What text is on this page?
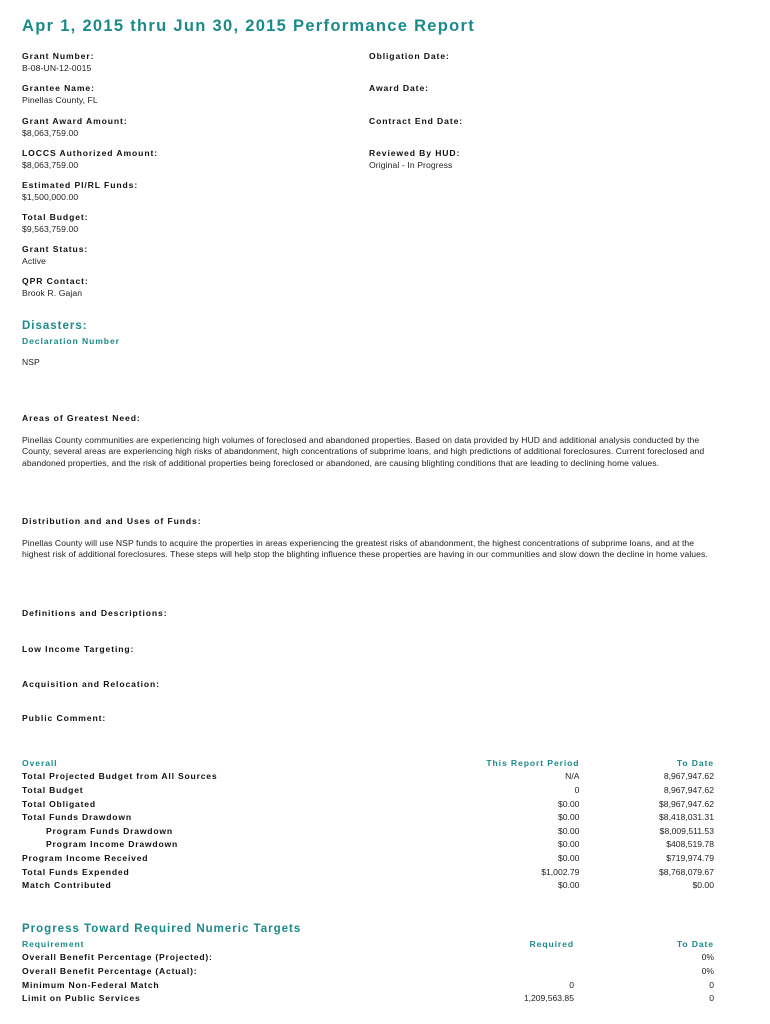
Apr 1, 2015 thru Jun 30, 2015 Performance Report
Grant Number:
B-08-UN-12-0015
Grantee Name:
Pinellas County, FL
Grant Award Amount:
$8,063,759.00
LOCCS Authorized Amount:
$8,063,759.00
Estimated PI/RL Funds:
$1,500,000.00
Total Budget:
$9,563,759.00
Grant Status:
Active
QPR Contact:
Brook R. Gajan
Obligation Date:
Award Date:
Contract End Date:
Reviewed By HUD:
Original - In Progress
Disasters:
Declaration Number
NSP
Areas of Greatest Need:
Pinellas County communities are experiencing high volumes of foreclosed and abandoned properties. Based on data provided by HUD and additional analysis conducted by the County, several areas are experiencing high risks of abandonment, high concentrations of subprime loans, and high predictions of additional foreclosures. Current foreclosed and abandoned properties, and the risk of additional properties being foreclosed or abandoned, are causing blighting conditions that are leading to declining home values.
Distribution and and Uses of Funds:
Pinellas County will use NSP funds to acquire the properties in areas experiencing the greatest risks of abandonment, the highest concentrations of subprime loans, and at the highest risk of additional foreclosures. These steps will help stop the blighting influence these properties are having in our communities and slow down the decline in home values.
Definitions and Descriptions:
Low Income Targeting:
Acquisition and Relocation:
Public Comment:
Overall	This Report Period	To Date
Total Projected Budget from All Sources	N/A	8,967,947.62
Total Budget	0	8,967,947.62
Total Obligated	$0.00	$8,967,947.62
Total Funds Drawdown	$0.00	$8,418,031.31
Program Funds Drawdown	$0.00	$8,009,511.53
Program Income Drawdown	$0.00	$408,519.78
Program Income Received	$0.00	$719,974.79
Total Funds Expended	$1,002.79	$8,768,079.67
Match Contributed	$0.00	$0.00
Progress Toward Required Numeric Targets
Requirement	Required	To Date
Overall Benefit Percentage (Projected):		0%
Overall Benefit Percentage (Actual):		0%
Minimum Non-Federal Match	0	0
Limit on Public Services	1,209,563.85	0
